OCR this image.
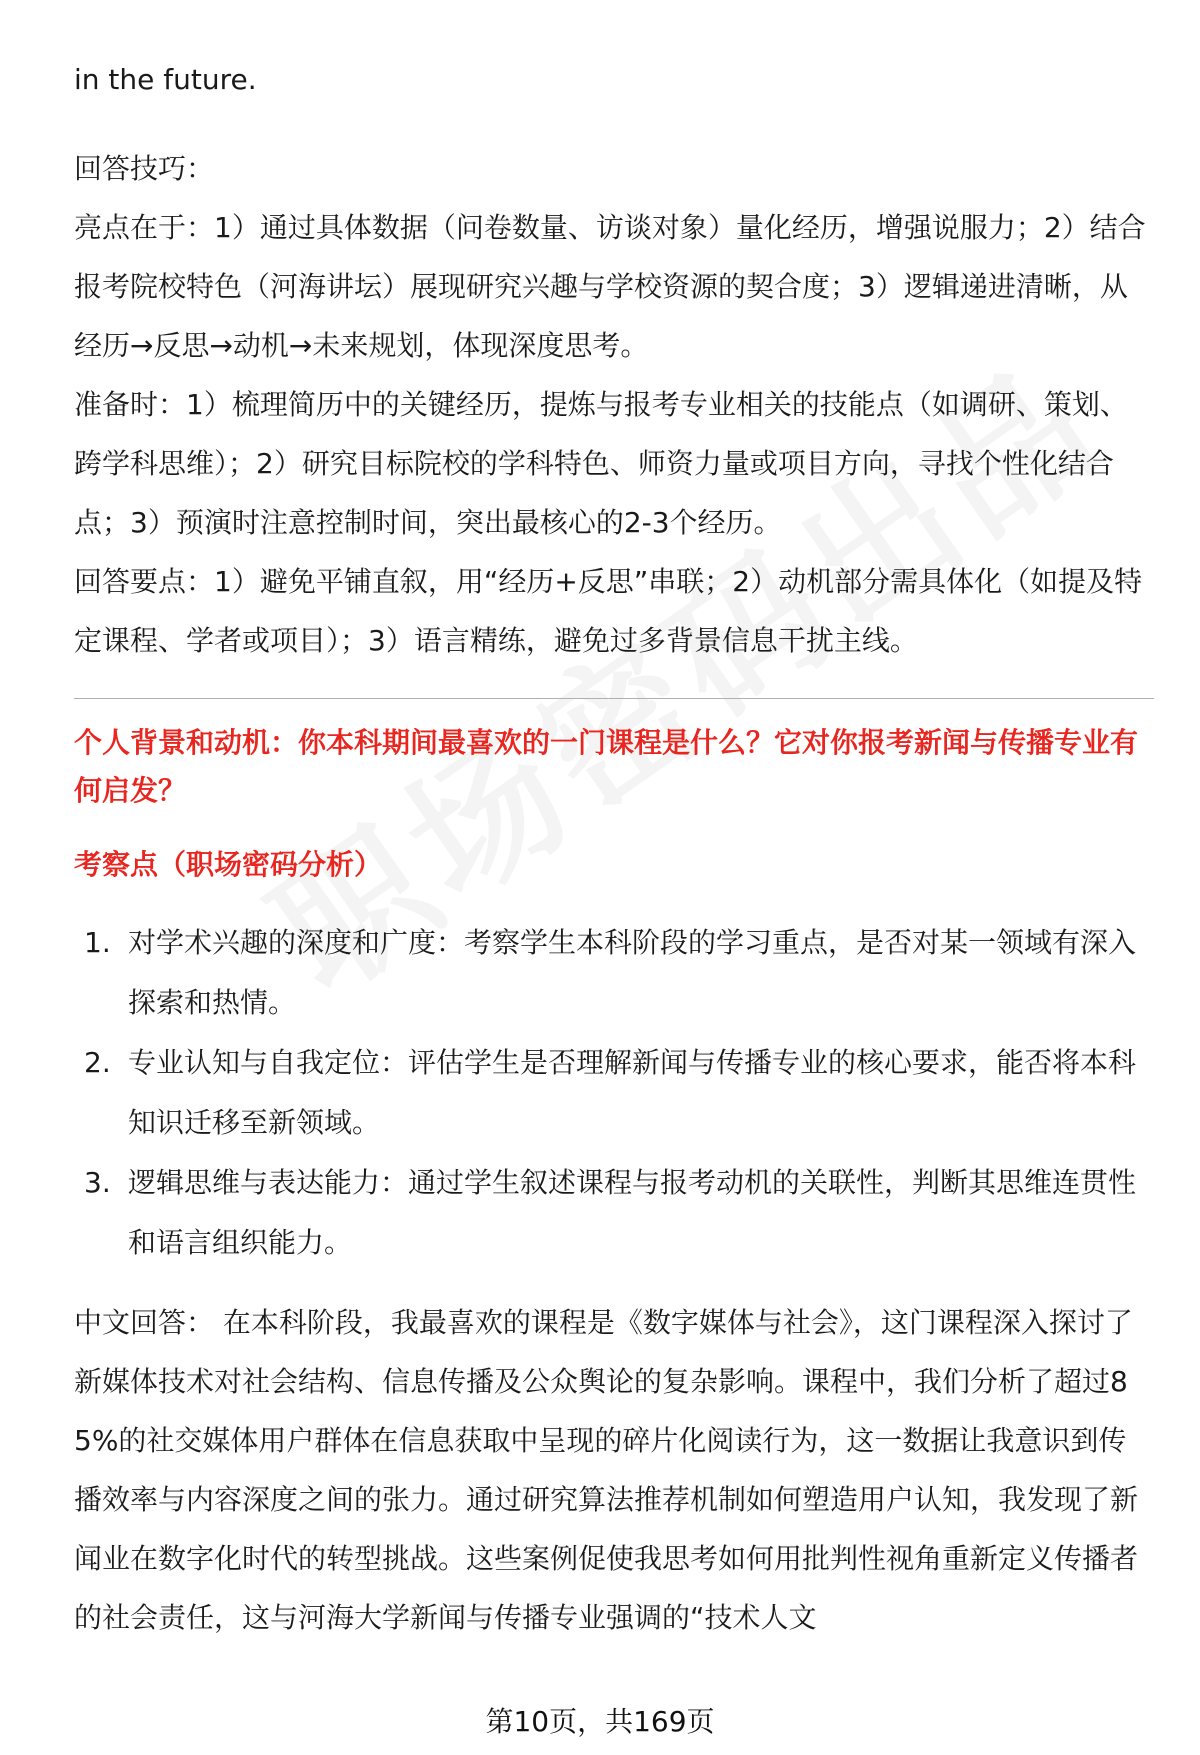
in the future.

回答技巧：

亮点在于：1）通过具体数据（问卷数量、访谈对象）量化经历，增强说服力；2）结合报考院校特色（河海讲坛）展现研究兴趣与学校资源的契合度；3）逻辑递进清晰，从经历→反思→动机→未来规划，体现深度思考。

准备时：1）梳理简历中的关键经历，提炼与报考专业相关的技能点（如调研、策划、跨学科思维）；2）研究目标院校的学科特色、师资力量或项目方向，寻找个性化结合点；3）预演时注意控制时间，突出最核心的2-3个经历。

回答要点：1）避免平铺直叙，用“经历+反思”串联；2）动机部分需具体化（如提及特定课程、学者或项目）；3）语言精练，避免过多背景信息干扰主线。

个人背景和动机：你本科期间最喜欢的一门课程是什么？它对你报考新闻与传播专业有何启发？

考察点（职场密码分析）

1. 对学术兴趣的深度和广度：考察学生本科阶段的学习重点，是否对某一领域有深入探索和热情。
2. 专业认知与自我定位：评估学生是否理解新闻与传播专业的核心要求，能否将本科知识迁移至新领域。
3. 逻辑思维与表达能力：通过学生叙述课程与报考动机的关联性，判断其思维连贯性和语言组织能力。

中文回答： 在本科阶段，我最喜欢的课程是《数字媒体与社会》，这门课程深入探讨了新媒体技术对社会结构、信息传播及公众舆论的复杂影响。课程中，我们分析了超过85%的社交媒体用户群体在信息获取中呈现的碎片化阅读行为，这一数据让我意识到传播效率与内容深度之间的张力。通过研究算法推荐机制如何塑造用户认知，我发现了新闻业在数字化时代的转型挑战。这些案例促使我思考如何用批判性视角重新定义传播者的社会责任，这与河海大学新闻与传播专业强调的“技术人文

第10页，共169页
